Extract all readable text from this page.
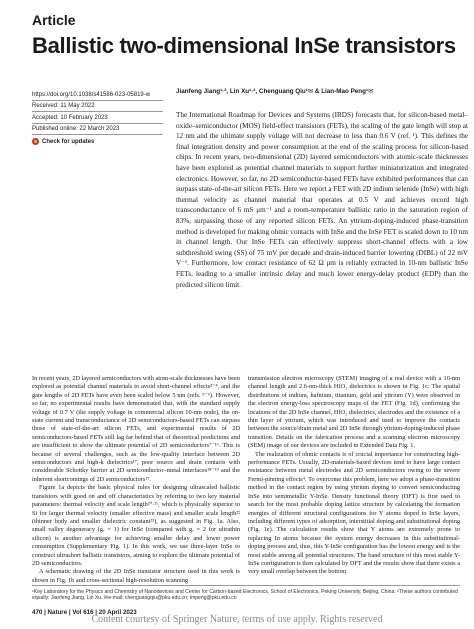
Article
Ballistic two-dimensional InSe transistors
https://doi.org/10.1038/s41586-023-05819-w
Received: 11 May 2022
Accepted: 10 February 2023
Published online: 22 March 2023
Check for updates
Jianfeng Jiang¹·², Lin Xu¹·², Chenguang Qiu¹✉ & Lian-Mao Peng¹✉
The International Roadmap for Devices and Systems (IRDS) forecasts that, for silicon-based metal–oxide–semiconductor (MOS) field-effect transistors (FETs), the scaling of the gate length will stop at 12 nm and the ultimate supply voltage will not decrease to less than 0.6 V (ref. ¹). This defines the final integration density and power consumption at the end of the scaling process for silicon-based chips. In recent years, two-dimensional (2D) layered semiconductors with atomic-scale thicknesses have been explored as potential channel materials to support further miniaturization and integrated electronics. However, so far, no 2D semiconductor-based FETs have exhibited performances that can surpass state-of-the-art silicon FETs. Here we report a FET with 2D indium selenide (InSe) with high thermal velocity as channel material that operates at 0.5 V and achieves record high transconductance of 6 mS μm⁻¹ and a room-temperature ballistic ratio in the saturation region of 83%, surpassing those of any reported silicon FETs. An yttrium-doping-induced phase-transition method is developed for making ohmic contacts with InSe and the InSe FET is scaled down to 10 nm in channel length. Our InSe FETs can effectively suppress short-channel effects with a low subthreshold swing (SS) of 75 mV per decade and drain-induced barrier lowering (DIBL) of 22 mV V⁻¹. Furthermore, low contact resistance of 62 Ω μm is reliably extracted in 10-nm ballistic InSe FETs, leading to a smaller intrinsic delay and much lower energy-delay product (EDP) than the predicted silicon limit.

In recent years, 2D layered semiconductors with atom-scale thicknesses have been explored as potential channel materials to avoid short-channel effects²⁻⁴, and the gate lengths of 2D FETs have even been scaled below 5 nm (refs. ⁵⁻⁶). However, so far, no experimental results have demonstrated that, with the standard supply voltage of 0.7 V (the supply voltage in commercial silicon 10-nm node), the on-state current and transconductance of 2D semiconductors-based FETs can surpass those of state-of-the-art silicon FETs, and experimental results of 2D semiconductors-based FETs still lag far behind that of theoretical predictions and are insufficient to show the ultimate potential of 2D semiconductors⁷⁻¹⁶. This is because of several challenges, such as the low-quality interface between 2D semiconductors and high-k dielectrics¹⁷, poor source and drain contacts with considerable Schottky barrier at 2D semiconductor–metal interfaces¹⁸⁻¹⁹ and the inherent shortcomings of 2D semiconductors¹⁷.

Figure 1a depicts the basic physical rules for designing ultrascaled ballistic transistors with good on and off characteristics by referring to two key material parameters: thermal velocity and scale length²⁰·²¹, which is physically superior to Si for larger thermal velocity (smaller effective mass) and smaller scale length²² (thinner body and smaller dielectric constant²³), as suggested in Fig. 1a. Also, small valley degeneracy (gᵥ = 1) for InSe (compared with gᵥ = 2 for ultrathin silicon) is another advantage for achieving smaller delay and lower power consumption (Supplementary Fig. 1). In this work, we use three-layer InSe to construct ultrashort ballistic transistors, aiming to explore the ultimate potential of 2D semiconductors.

A schematic drawing of the 2D InSe transistor structure used in this work is shown in Fig. 1b and cross-sectional high-resolution scanning

transmission electron microscopy (STEM) imaging of a real device with a 10-nm channel length and 2.6-nm-thick HfO₂ dielectrics is shown in Fig. 1c. The spatial distributions of indium, hafnium, titanium, gold and yttrium (Y) were observed in the electron energy-loss spectroscopy maps of the FET (Fig. 1d), confirming the locations of the 2D InSe channel, HfO₂ dielectrics, electrodes and the existence of a thin layer of yttrium, which was introduced and used to improve the contacts between the source/drain metal and 2D InSe through yttrium-doping-induced phase transition. Details on the fabrication process and a scanning electron microscopy (SEM) image of our devices are included in Extended Data Fig. 1.

The realization of ohmic contacts is of crucial importance for constructing high-performance FETs. Usually, 2D-materials-based devices tend to have large contact resistance between metal electrodes and 2D semiconductors owing to the severe Fermi-pinning effects⁴. To overcome this problem, here we adopt a phase-transition method in the contact region by using yttrium doping to convert semiconducting InSe into semimetallic Y-InSe. Density functional theory (DFT) is first used to search for the most probable doping lattice structure by calculating the formation energies of different structural configurations for Y atoms doped to InSe layers, including different types of adsorption, interstitial doping and substitutional doping (Fig. 1e). The calculation results show that Y atoms are extremely prone to replacing In atoms because the system energy decreases in this substitutional-doping process and, thus, this Y-InSe configuration has the lowest energy and is the most stable among all potential structures. The band structure of this most stable Y-InSe configuration is then calculated by DFT and the results show that there exists a very small overlap between the bottom

¹Key Laboratory for the Physics and Chemistry of Nanodevices and Center for Carbon-based Electronics, School of Electronics, Peking University, Beijing, China. ²These authors contributed equally: Jianfeng Jiang, Lin Xu. ✉e-mail: chenguangqiu@pku.edu.cn; lmpeng@pku.edu.cn
470 | Nature | Vol 616 | 20 April 2023
Content courtesy of Springer Nature, terms of use apply. Rights reserved
